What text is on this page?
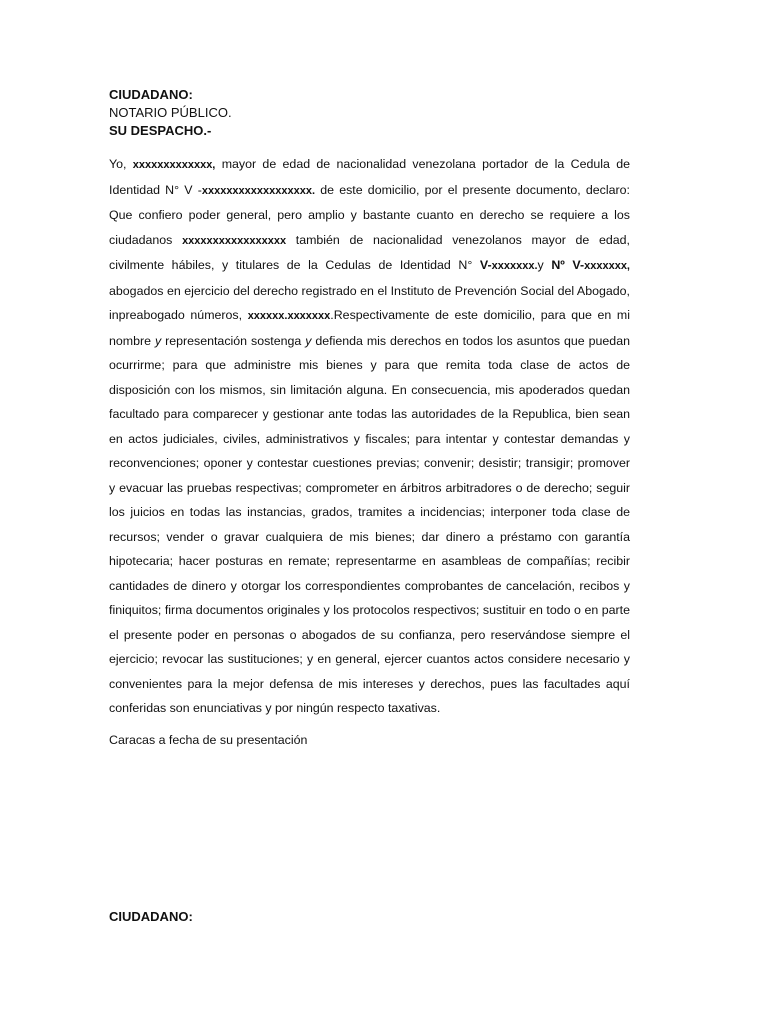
CIUDADANO:
NOTARIO PÚBLICO.
SU DESPACHO.-
Yo, xxxxxxxxxxxxx, mayor de edad de nacionalidad venezolana portador de la Cedula de Identidad N° V -xxxxxxxxxxxxxxxxxx. de este domicilio, por el presente documento, declaro: Que confiero poder general, pero amplio y bastante cuanto en derecho se requiere a los ciudadanos xxxxxxxxxxxxxxxxx también de nacionalidad venezolanos mayor de edad, civilmente hábiles, y titulares de la Cedulas de Identidad N° V-xxxxxxx.y Nº V-xxxxxxx, abogados en ejercicio del derecho registrado en el Instituto de Prevención Social del Abogado, inpreabogado números, xxxxxx.xxxxxxx.Respectivamente de este domicilio, para que en mi nombre y representación sostenga y defienda mis derechos en todos los asuntos que puedan ocurrirme; para que administre mis bienes y para que remita toda clase de actos de disposición con los mismos, sin limitación alguna. En consecuencia, mis apoderados quedan facultado para comparecer y gestionar ante todas las autoridades de la Republica, bien sean en actos judiciales, civiles, administrativos y fiscales; para intentar y contestar demandas y reconvenciones; oponer y contestar cuestiones previas; convenir; desistir; transigir; promover y evacuar las pruebas respectivas; comprometer en árbitros arbitradores o de derecho; seguir los juicios en todas las instancias, grados, tramites a incidencias; interponer toda clase de recursos; vender o gravar cualquiera de mis bienes; dar dinero a préstamo con garantía hipotecaria; hacer posturas en remate; representarme en asambleas de compañías; recibir cantidades de dinero y otorgar los correspondientes comprobantes de cancelación, recibos y finiquitos; firma documentos originales y los protocolos respectivos; sustituir en todo o en parte el presente poder en personas o abogados de su confianza, pero reservándose siempre el ejercicio; revocar las sustituciones; y en general, ejercer cuantos actos considere necesario y convenientes para la mejor defensa de mis intereses y derechos, pues las facultades aquí conferidas son enunciativas y por ningún respecto taxativas.
Caracas a fecha de su presentación
CIUDADANO:
